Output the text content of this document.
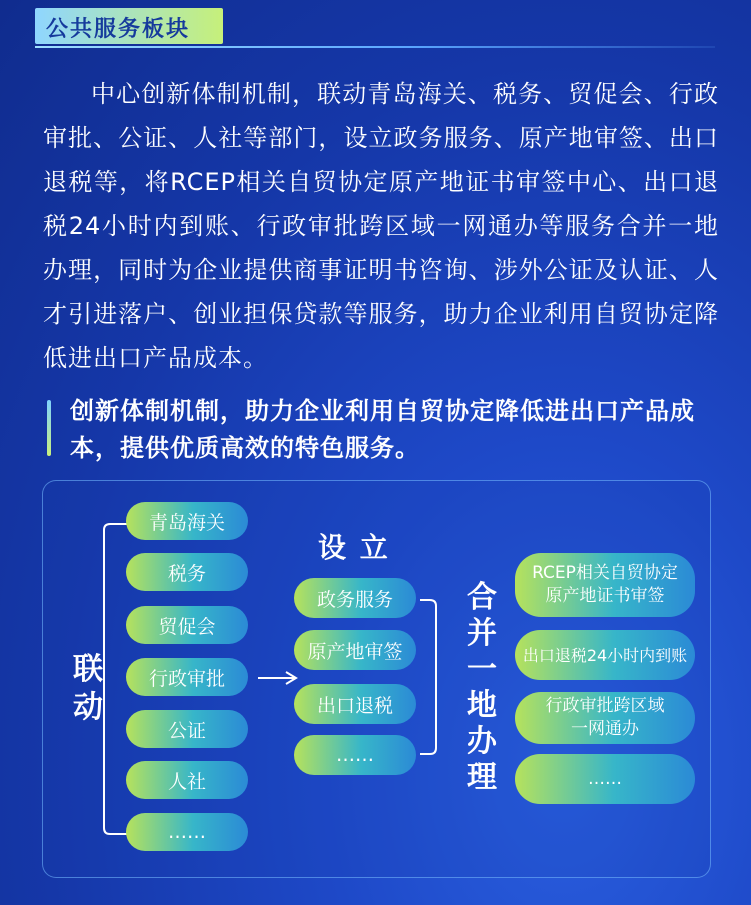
公共服务板块
中心创新体制机制，联动青岛海关、税务、贸促会、行政审批、公证、人社等部门，设立政务服务、原产地审签、出口退税等，将RCEP相关自贸协定原产地证书审签中心、出口退税24小时内到账、行政审批跨区域一网通办等服务合并一地办理，同时为企业提供商事证明书咨询、涉外公证及认证、人才引进落户、创业担保贷款等服务，助力企业利用自贸协定降低进出口产品成本。
创新体制机制，助力企业利用自贸协定降低进出口产品成本，提供优质高效的特色服务。
联
动
青岛海关
税务
贸促会
行政审批
公证
人社
……
设 立
政务服务
原产地审签
出口退税
……
合
并
一
地
办
理
RCEP相关自贸协定
原产地证书审签
出口退税24小时内到账
行政审批跨区域
一网通办
……
